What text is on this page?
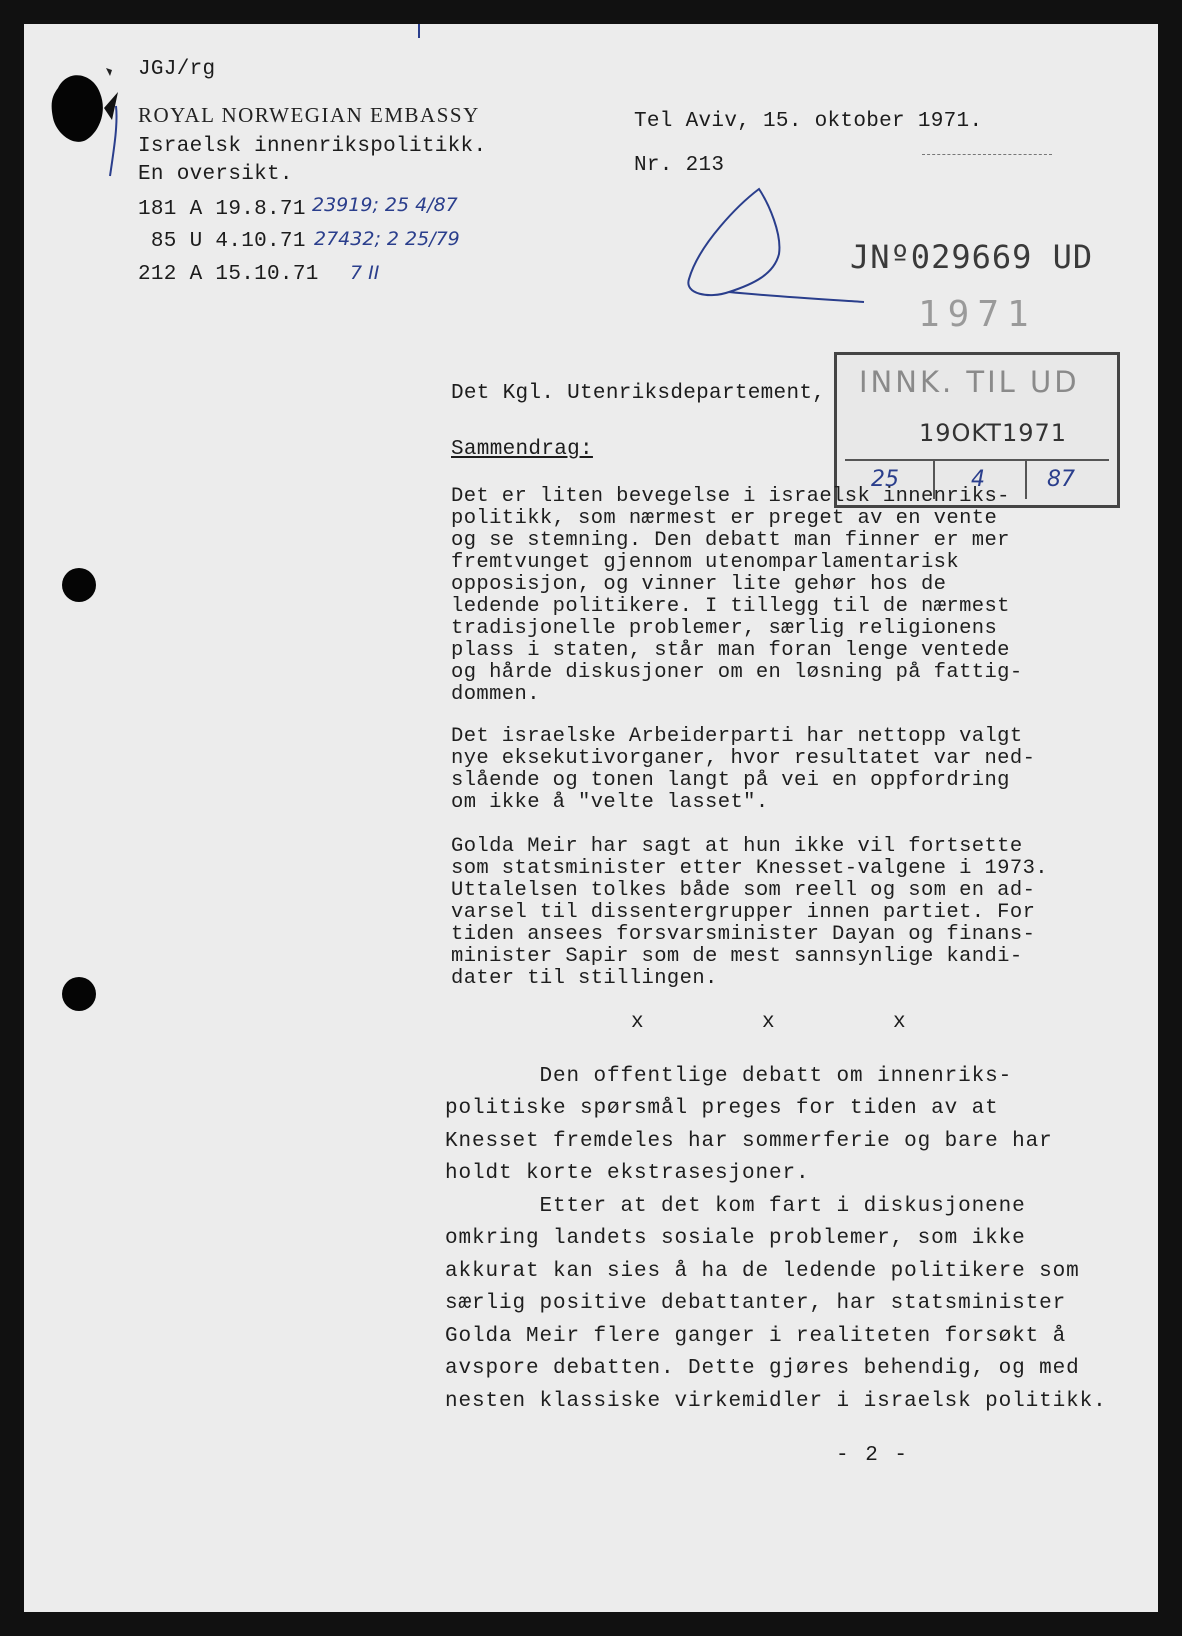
JGJ/rg
ROYAL NORWEGIAN EMBASSY
Israelsk innenrikspolitikk.
En oversikt.
181 A 19.8.71 23919; 25 4/87
85 U 4.10.71 27432; 2 25/79
212 A 15.10.71 7 II
Tel Aviv, 15. oktober 1971.
Nr. 213
JNº029669 UD
1971
INNK. TIL UD
19OKT1971
25	4	87
Det Kgl. Utenriksdepartement,
Sammendrag:
Det er liten bevegelse i israelsk innenriks-
politikk, som nærmest er preget av en vente
og se stemning. Den debatt man finner er mer
fremtvunget gjennom utenomparlamentarisk
opposisjon, og vinner lite gehør hos de
ledende politikere. I tillegg til de nærmest
tradisjonelle problemer, særlig religionens
plass i staten, står man foran lenge ventede
og hårde diskusjoner om en løsning på fattig-
dommen.
Det israelske Arbeiderparti har nettopp valgt
nye eksekutivorganer, hvor resultatet var ned-
slående og tonen langt på vei en oppfordring
om ikke å "velte lasset".
Golda Meir har sagt at hun ikke vil fortsette
som statsminister etter Knesset-valgene i 1973.
Uttalelsen tolkes både som reell og som en ad-
varsel til dissentergrupper innen partiet. For
tiden ansees forsvarsminister Dayan og finans-
minister Sapir som de mest sannsynlige kandi-
dater til stillingen.
x         x         x
Den offentlige debatt om innenriks-
politiske spørsmål preges for tiden av at
Knesset fremdeles har sommerferie og bare har
holdt korte ekstrasesjoner.
Etter at det kom fart i diskusjonene
omkring landets sosiale problemer, som ikke
akkurat kan sies å ha de ledende politikere som
særlig positive debattanter, har statsminister
Golda Meir flere ganger i realiteten forsøkt å
avspore debatten. Dette gjøres behendig, og med
nesten klassiske virkemidler i israelsk politikk.
- 2 -
